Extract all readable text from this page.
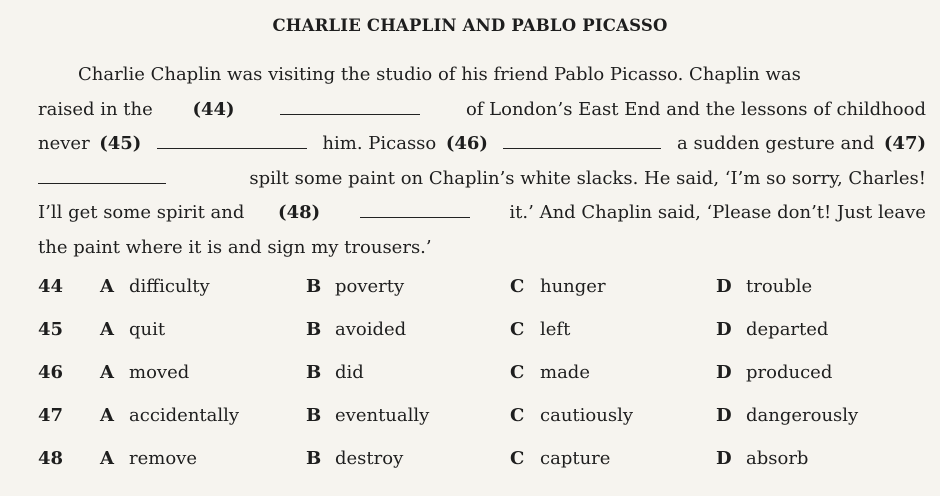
CHARLIE CHAPLIN AND PABLO PICASSO
Charlie Chaplin was visiting the studio of his friend Pablo Picasso. Chaplin was
raised in the (44)	of London’s East End and the lessons of childhood
never (45)	him. Picasso (46)	a sudden gesture and (47)
spilt some paint on Chaplin’s white slacks. He said, ‘I’m so sorry, Charles!
I’ll get some spirit and (48)	it.’ And Chaplin said, ‘Please don’t! Just leave
the paint where it is and sign my trousers.’
44 A difficulty	B poverty	C hunger	D trouble
45 A quit	B avoided	C left	D departed
46 A moved	B did	C made	D produced
47 A accidentally	B eventually	C cautiously	D dangerously
48 A remove	B destroy	C capture	D absorb
